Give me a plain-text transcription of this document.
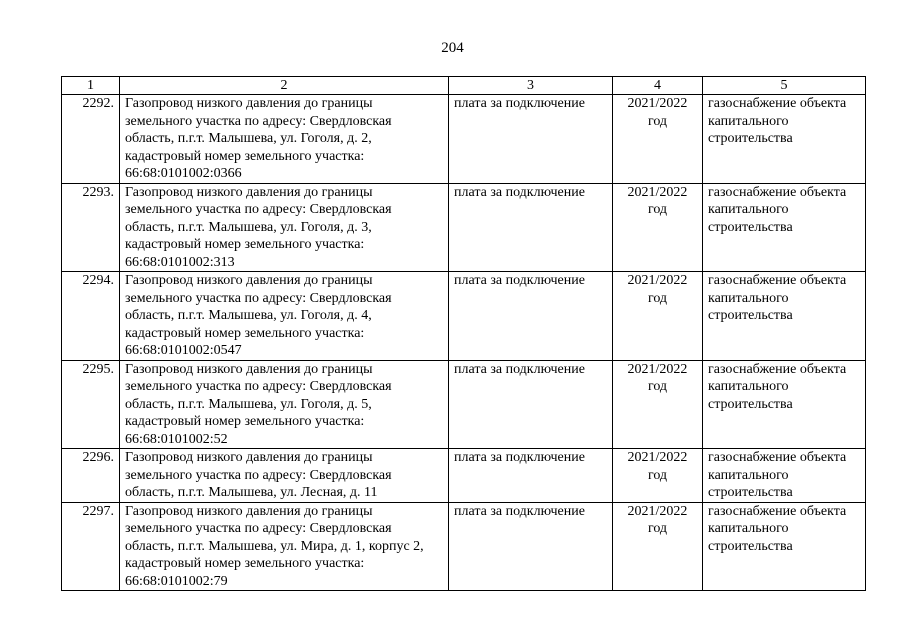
204
1	2	3	4	5
2292.	Газопровод низкого давления до границы земельного участка по адресу: Свердловская область, п.г.т. Малышева, ул. Гоголя, д. 2, кадастровый номер земельного участка: 66:68:0101002:0366	плата за подключение	2021/2022 год	газоснабжение объекта капитального строительства
2293.	Газопровод низкого давления до границы земельного участка по адресу: Свердловская область, п.г.т. Малышева, ул. Гоголя, д. 3, кадастровый номер земельного участка: 66:68:0101002:313	плата за подключение	2021/2022 год	газоснабжение объекта капитального строительства
2294.	Газопровод низкого давления до границы земельного участка по адресу: Свердловская область, п.г.т. Малышева, ул. Гоголя, д. 4, кадастровый номер земельного участка: 66:68:0101002:0547	плата за подключение	2021/2022 год	газоснабжение объекта капитального строительства
2295.	Газопровод низкого давления до границы земельного участка по адресу: Свердловская область, п.г.т. Малышева, ул. Гоголя, д. 5, кадастровый номер земельного участка: 66:68:0101002:52	плата за подключение	2021/2022 год	газоснабжение объекта капитального строительства
2296.	Газопровод низкого давления до границы земельного участка по адресу: Свердловская область, п.г.т. Малышева, ул. Лесная, д. 11	плата за подключение	2021/2022 год	газоснабжение объекта капитального строительства
2297.	Газопровод низкого давления до границы земельного участка по адресу: Свердловская область, п.г.т. Малышева, ул. Мира, д. 1, корпус 2, кадастровый номер земельного участка: 66:68:0101002:79	плата за подключение	2021/2022 год	газоснабжение объекта капитального строительства
